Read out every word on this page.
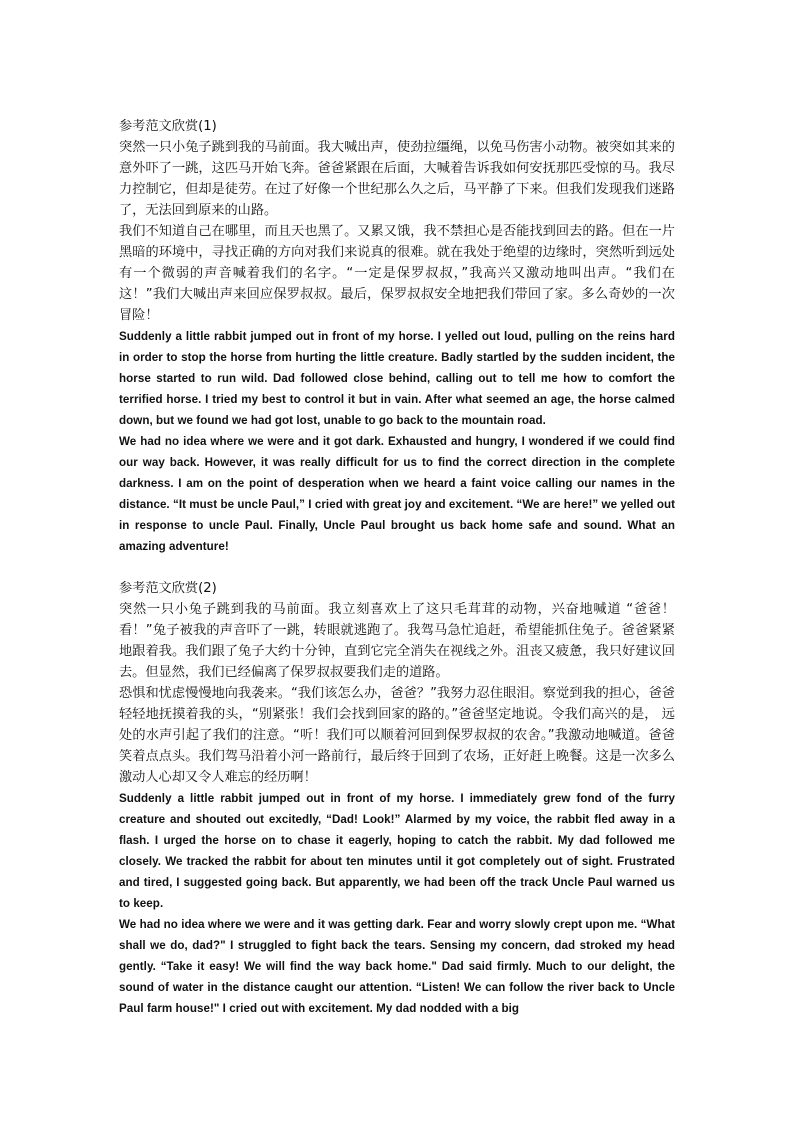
参考范文欣赏(1)

突然一只小兔子跳到我的马前面。我大喊出声，使劲拉缰绳，以免马伤害小动物。被突如其来的意外吓了一跳，这匹马开始飞奔。爸爸紧跟在后面，大喊着告诉我如何安抚那匹受惊的马。我尽力控制它，但却是徒劳。在过了好像一个世纪那么久之后，马平静了下来。但我们发现我们迷路了，无法回到原来的山路。

我们不知道自己在哪里，而且天也黑了。又累又饿，我不禁担心是否能找到回去的路。但在一片黑暗的环境中，寻找正确的方向对我们来说真的很难。就在我处于绝望的边缘时，突然听到远处有一个微弱的声音喊着我们的名字。“一定是保罗叔叔，”我高兴又激动地叫出声。“我们在这！”我们大喊出声来回应保罗叔叔。最后，保罗叔叔安全地把我们带回了家。多么奇妙的一次冒险！

Suddenly a little rabbit jumped out in front of my horse. I yelled out loud, pulling on the reins hard in order to stop the horse from hurting the little creature. Badly startled by the sudden incident, the horse started to run wild. Dad followed close behind, calling out to tell me how to comfort the terrified horse. I tried my best to control it but in vain. After what seemed an age, the horse calmed down, but we found we had got lost, unable to go back to the mountain road.

We had no idea where we were and it got dark. Exhausted and hungry, I wondered if we could find our way back. However, it was really difficult for us to find the correct direction in the complete darkness. I am on the point of desperation when we heard a faint voice calling our names in the distance. “It must be uncle Paul,” I cried with great joy and excitement. “We are here!” we yelled out in response to uncle Paul. Finally, Uncle Paul brought us back home safe and sound. What an amazing adventure!

参考范文欣赏(2)

突然一只小兔子跳到我的马前面。我立刻喜欢上了这只毛茸茸的动物，兴奋地喊道 “爸爸！看！”兔子被我的声音吓了一跳，转眼就逃跑了。我驾马急忙追赶，希望能抓住兔子。爸爸紧紧地跟着我。我们跟了兔子大约十分钟，直到它完全消失在视线之外。沮丧又疲惫，我只好建议回去。但显然，我们已经偏离了保罗叔叔要我们走的道路。

恐惧和忧虑慢慢地向我袭来。“我们该怎么办，爸爸？”我努力忍住眼泪。察觉到我的担心，爸爸轻轻地抚摸着我的头，“别紧张！我们会找到回家的路的。”爸爸坚定地说。令我们高兴的是， 远处的水声引起了我们的注意。“听！我们可以顺着河回到保罗叔叔的农舍。”我激动地喊道。爸爸笑着点点头。我们驾马沿着小河一路前行，最后终于回到了农场，正好赶上晚餐。这是一次多么激动人心却又令人难忘的经历啊！

Suddenly a little rabbit jumped out in front of my horse. I immediately grew fond of the furry creature and shouted out excitedly, “Dad! Look!” Alarmed by my voice, the rabbit fled away in a flash. I urged the horse on to chase it eagerly, hoping to catch the rabbit. My dad followed me closely. We tracked the rabbit for about ten minutes until it got completely out of sight. Frustrated and tired, I suggested going back. But apparently, we had been off the track Uncle Paul warned us to keep.

We had no idea where we were and it was getting dark. Fear and worry slowly crept upon me. “What shall we do, dad?" I struggled to fight back the tears. Sensing my concern, dad stroked my head gently. “Take it easy! We will find the way back home." Dad said firmly. Much to our delight, the sound of water in the distance caught our attention. “Listen! We can follow the river back to Uncle Paul farm house!" I cried out with excitement. My dad nodded with a big
